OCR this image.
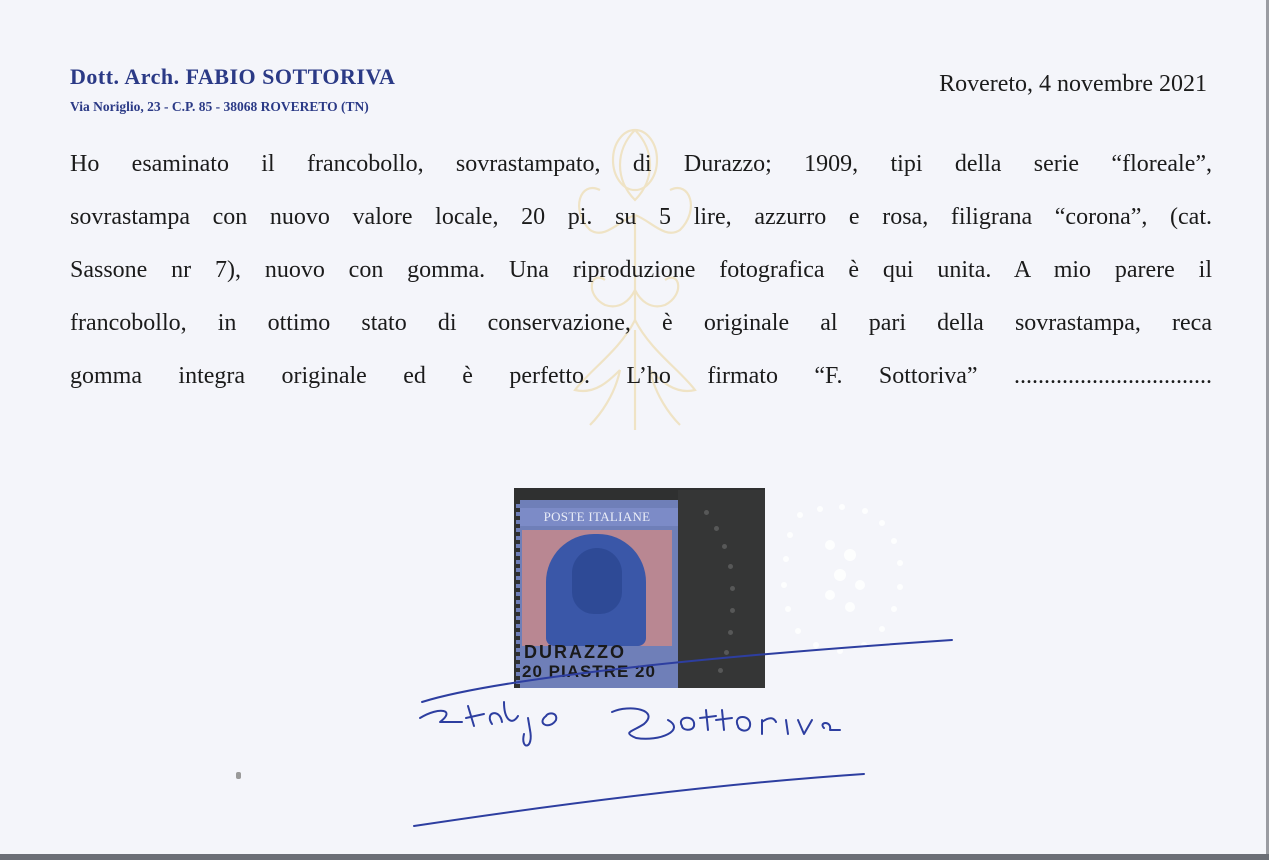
Dott. Arch. FABIO SOTTORIVA
Via Noriglio, 23 - C.P. 85 - 38068 ROVERETO (TN)
Rovereto, 4 novembre 2021

Ho esaminato il francobollo, sovrastampato, di Durazzo; 1909, tipi della serie “floreale”,

sovrastampa con nuovo valore locale, 20 pi. su 5 lire, azzurro e rosa, filigrana “corona”, (cat.

Sassone nr 7), nuovo con gomma. Una riproduzione fotografica è qui unita. A mio parere il

francobollo, in ottimo stato di conservazione, è originale al pari della sovrastampa, reca

gomma integra originale ed è perfetto. L’ho firmato “F. Sottoriva” .................................

POSTE ITALIANE
DURAZZO
20 PIASTRE 20
